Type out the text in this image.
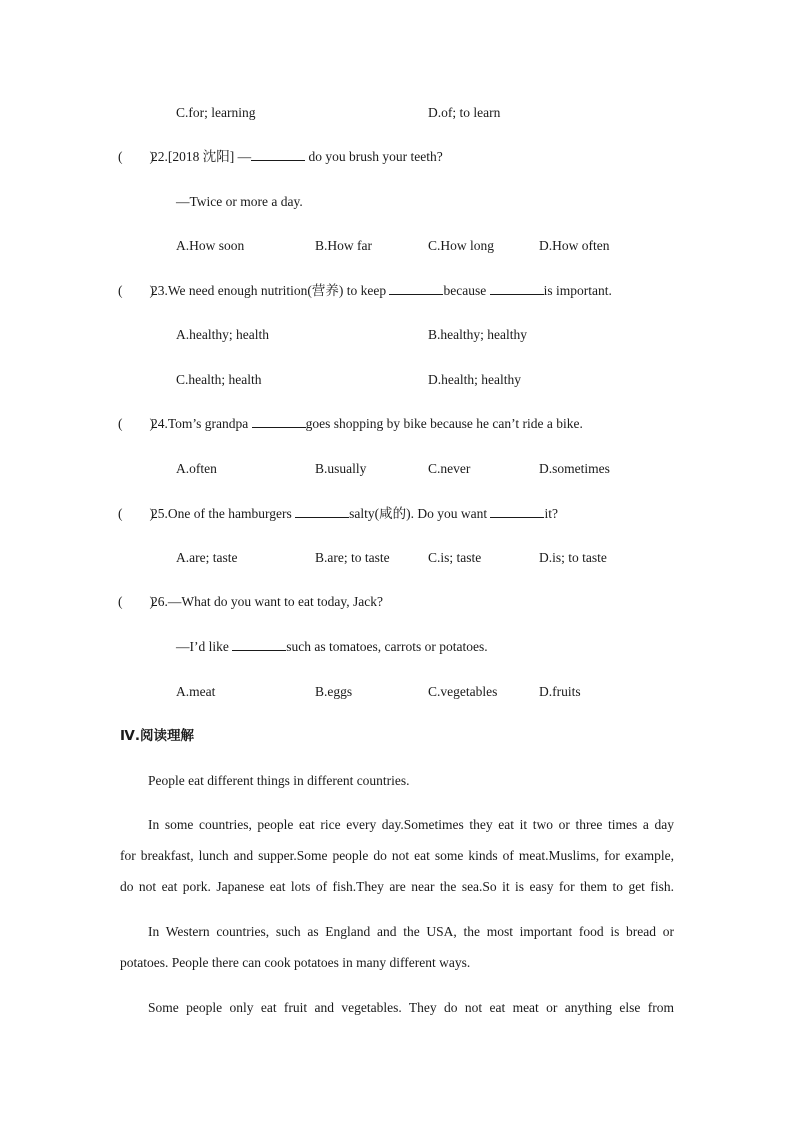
C.for; learning	D.of; to learn
(　　)
22.[2018 沈阳] —	do you brush your teeth?
—Twice or more a day.
A.How soon	B.How far	C.How long	D.How often
(　　)
23.We need enough nutrition(营养) to keep	because	is important.
A.healthy; health	B.healthy; healthy
C.health; health	D.health; healthy
(　　)
24.Tom’s grandpa	goes shopping by bike because he can’t ride a bike.
A.often	B.usually	C.never	D.sometimes
(　　)
25.One of the hamburgers	salty(咸的). Do you want	it?
A.are; taste	B.are; to taste	C.is; taste	D.is; to taste
(　　)
26.—What do you want to eat today, Jack?
—I’d like	such as tomatoes, carrots or potatoes.
A.meat	B.eggs	C.vegetables	D.fruits
Ⅳ.阅读理解
People eat different things in different countries.
In some countries, people eat rice every day.Sometimes they eat it two or three times a day
for breakfast, lunch and supper.Some people do not eat some kinds of meat.Muslims, for example,
do not eat pork. Japanese eat lots of fish.They are near the sea.So it is easy for them to get fish.
In Western countries, such as England and the USA, the most important food is bread or
potatoes. People there can cook potatoes in many different ways.
Some people only eat fruit and vegetables. They do not eat meat or anything else from
